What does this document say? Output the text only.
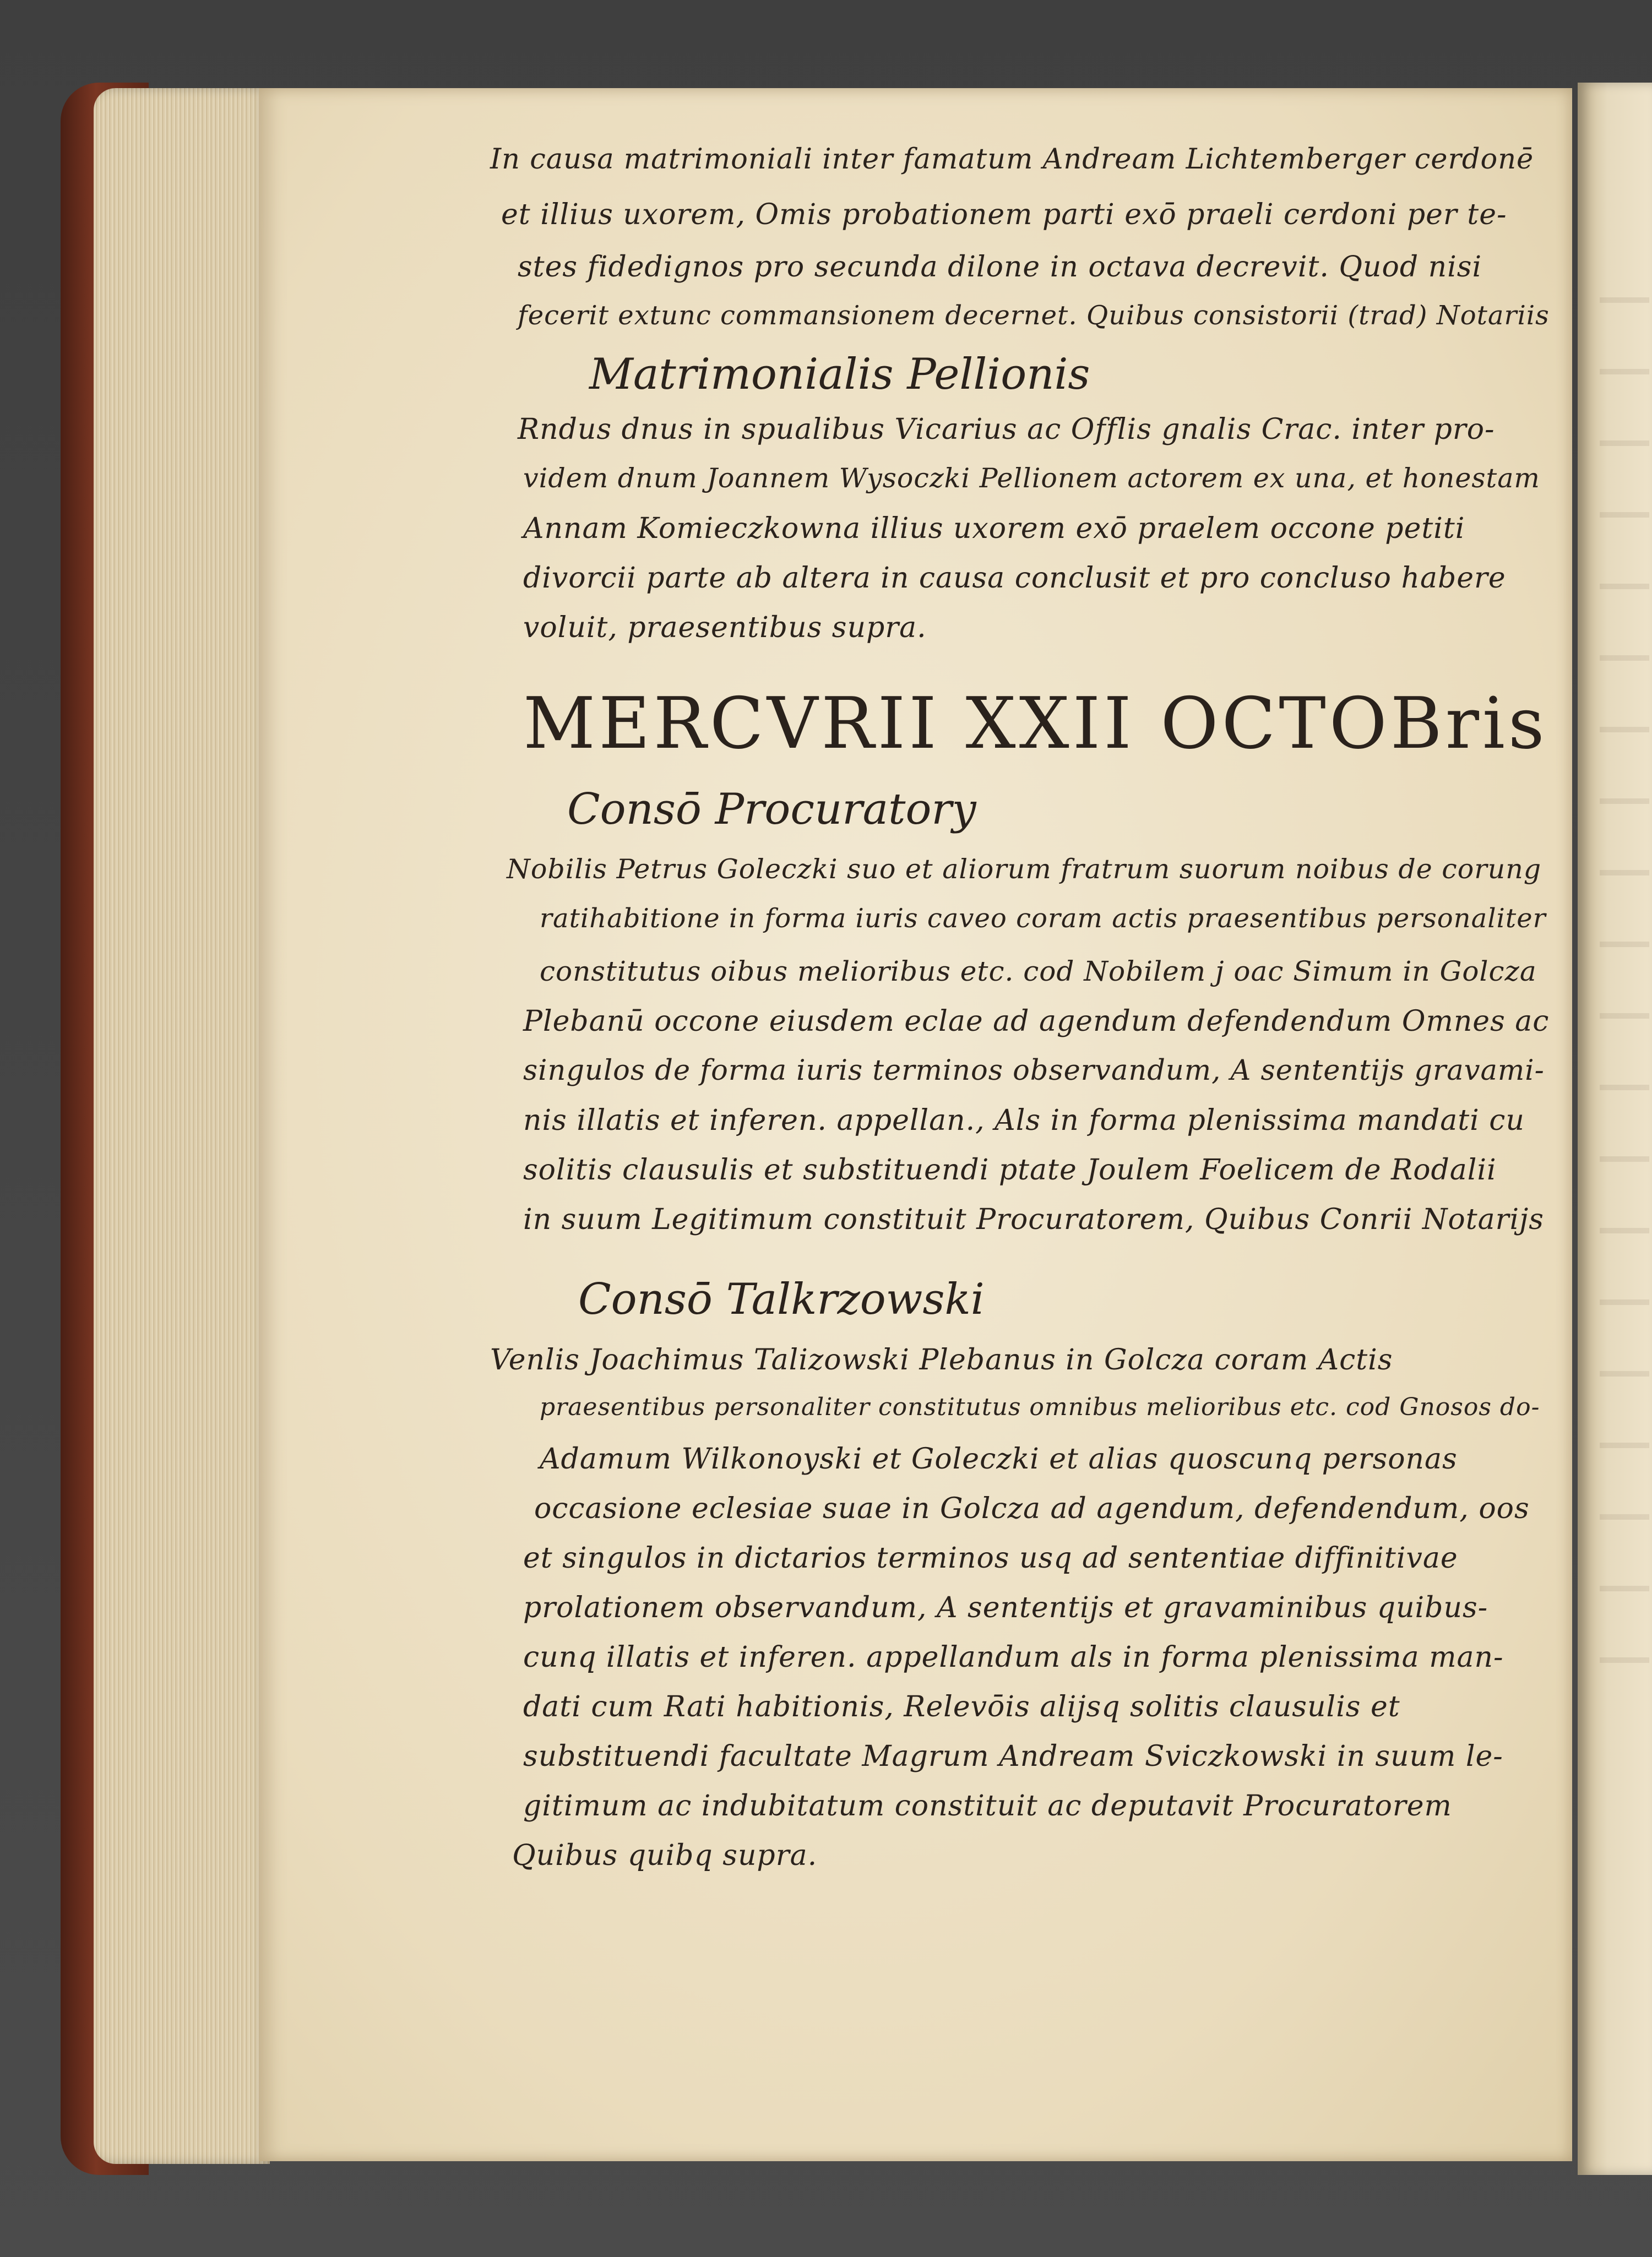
In causa matrimoniali inter famatum Andream Lichtemberger cerdonē
et illius uxorem, Omis probationem parti exō praeli cerdoni per te-
stes fidedignos pro secunda dilone in octava decrevit. Quod nisi
fecerit extunc commansionem decernet. Quibus consistorii (trad) Notariis
Matrimonialis Pellionis
Rndus dnus in spualibus Vicarius ac Offlis gnalis Crac. inter pro-
videm dnum Joannem Wysoczki Pellionem actorem ex una, et honestam
Annam Komieczkowna illius uxorem exō praelem occone petiti
divorcii parte ab altera in causa conclusit et pro concluso habere
voluit, praesentibus supra.
MERCVRII XXII OCTOBris
Consō Procuratory
Nobilis Petrus Goleczki suo et aliorum fratrum suorum noibus de corung
ratihabitione in forma iuris caveo coram actis praesentibus personaliter
constitutus oibus melioribus etc. cod Nobilem j oac Simum in Golcza
Plebanū occone eiusdem eclae ad agendum defendendum Omnes ac
singulos de forma iuris terminos observandum, A sententijs gravami-
nis illatis et inferen. appellan., Als in forma plenissima mandati cu
solitis clausulis et substituendi ptate Joulem Foelicem de Rodalii
in suum Legitimum constituit Procuratorem, Quibus Conrii Notarijs
Consō Talkrzowski
Venlis Joachimus Talizowski Plebanus in Golcza coram Actis
praesentibus personaliter constitutus omnibus melioribus etc. cod Gnosos do-
Adamum Wilkonoyski et Goleczki et alias quoscunq personas
occasione eclesiae suae in Golcza ad agendum, defendendum, oos
et singulos in dictarios terminos usq ad sententiae diffinitivae
prolationem observandum, A sententijs et gravaminibus quibus-
cunq illatis et inferen. appellandum als in forma plenissima man-
dati cum Rati habitionis, Relevōis alijsq solitis clausulis et
substituendi facultate Magrum Andream Sviczkowski in suum le-
gitimum ac indubitatum constituit ac deputavit Procuratorem
Quibus quibq supra.
